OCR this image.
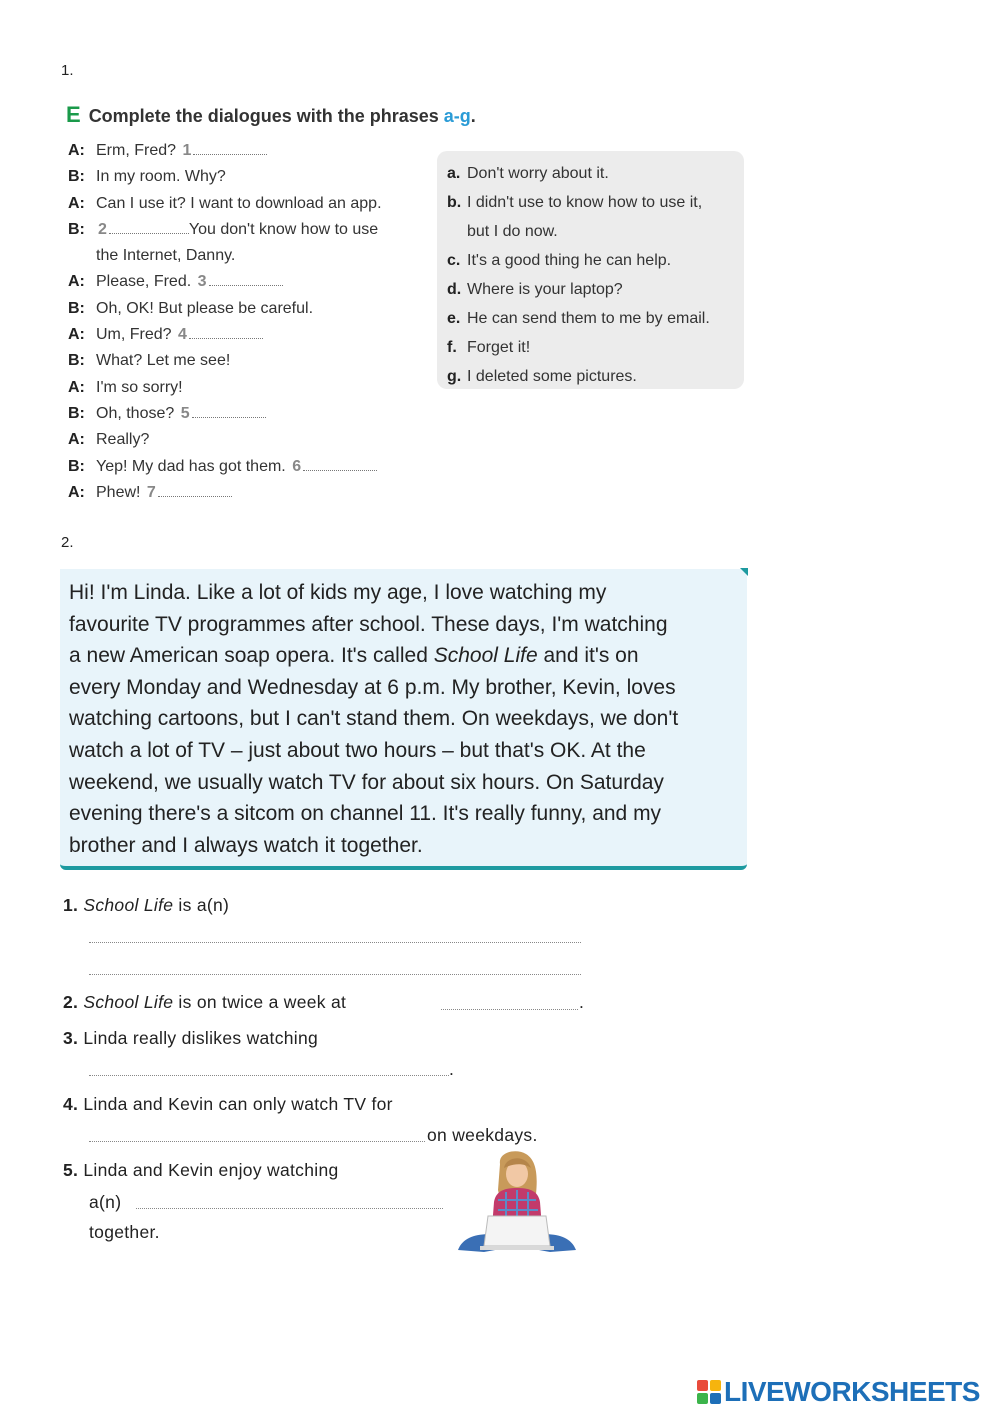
1.
E Complete the dialogues with the phrases a-g.
A: Erm, Fred? 1
B: In my room. Why?
A: Can I use it? I want to download an app.
B: 2	You don't know how to use
the Internet, Danny.
A: Please, Fred. 3
B: Oh, OK! But please be careful.
A: Um, Fred? 4
B: What? Let me see!
A: I'm so sorry!
B: Oh, those? 5
A: Really?
B: Yep! My dad has got them. 6
A: Phew! 7
a. Don't worry about it.
b. I didn't use to know how to use it,
but I do now.
c. It's a good thing he can help.
d. Where is your laptop?
e. He can send them to me by email.
f. Forget it!
g. I deleted some pictures.
2.

Hi! I'm Linda. Like a lot of kids my age, I love watching my

favourite TV programmes after school. These days, I'm watching

a new American soap opera. It's called School Life and it's on

every Monday and Wednesday at 6 p.m. My brother, Kevin, loves

watching cartoons, but I can't stand them. On weekdays, we don't

watch a lot of TV – just about two hours – but that's OK. At the

weekend, we usually watch TV for about six hours. On Saturday

evening there's a sitcom on channel 11. It's really funny, and my

brother and I always watch it together.

1. School Life is a(n)
2. School Life is on twice a week at	.
3. Linda really dislikes watching
.
4. Linda and Kevin can only watch TV for
on weekdays.
5. Linda and Kevin enjoy watching
a(n)
together.
LIVEWORKSHEETS
